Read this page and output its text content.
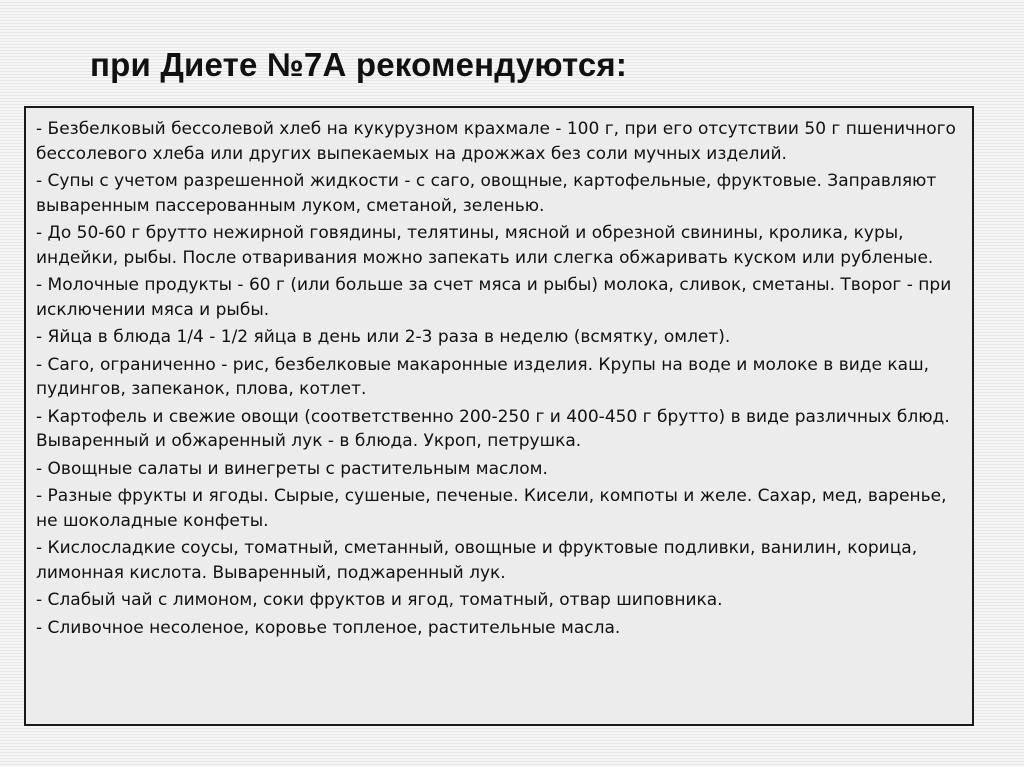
при Диете №7А рекомендуются:

- Безбелковый бессолевой хлеб на кукурузном крахмале - 100 г, при его отсутствии 50 г пшеничного бессолевого хлеба или других выпекаемых на дрожжах без соли мучных изделий.

- Супы с учетом разрешенной жидкости - с саго, овощные, картофельные, фруктовые. Заправляют вываренным пассерованным луком, сметаной, зеленью.

- До 50-60 г брутто нежирной говядины, телятины, мясной и обрезной свинины, кролика, куры, индейки, рыбы. После отваривания можно запекать или слегка обжаривать куском или рубленые.

- Молочные продукты - 60 г (или больше за счет мяса и рыбы) молока, сливок, сметаны. Творог - при исключении мяса и рыбы.

- Яйца в блюда 1/4 - 1/2 яйца в день или 2-3 раза в неделю (всмятку, омлет).

- Саго, ограниченно - рис, безбелковые макаронные изделия. Крупы на воде и молоке в виде каш, пудингов, запеканок, плова, котлет.

- Картофель и свежие овощи (соответственно 200-250 г и 400-450 г брутто) в виде различных блюд. Вываренный и обжаренный лук - в блюда. Укроп, петрушка.

- Овощные салаты и винегреты с растительным маслом.

- Разные фрукты и ягоды. Сырые, сушеные, печеные. Кисели, компоты и желе. Сахар, мед, варенье, не шоколадные конфеты.

- Кислосладкие соусы, томатный, сметанный, овощные и фруктовые подливки, ванилин, корица, лимонная кислота. Вываренный, поджаренный лук.

- Слабый чай с лимоном, соки фруктов и ягод, томатный, отвар шиповника.

- Сливочное несоленое, коровье топленое, растительные масла.
